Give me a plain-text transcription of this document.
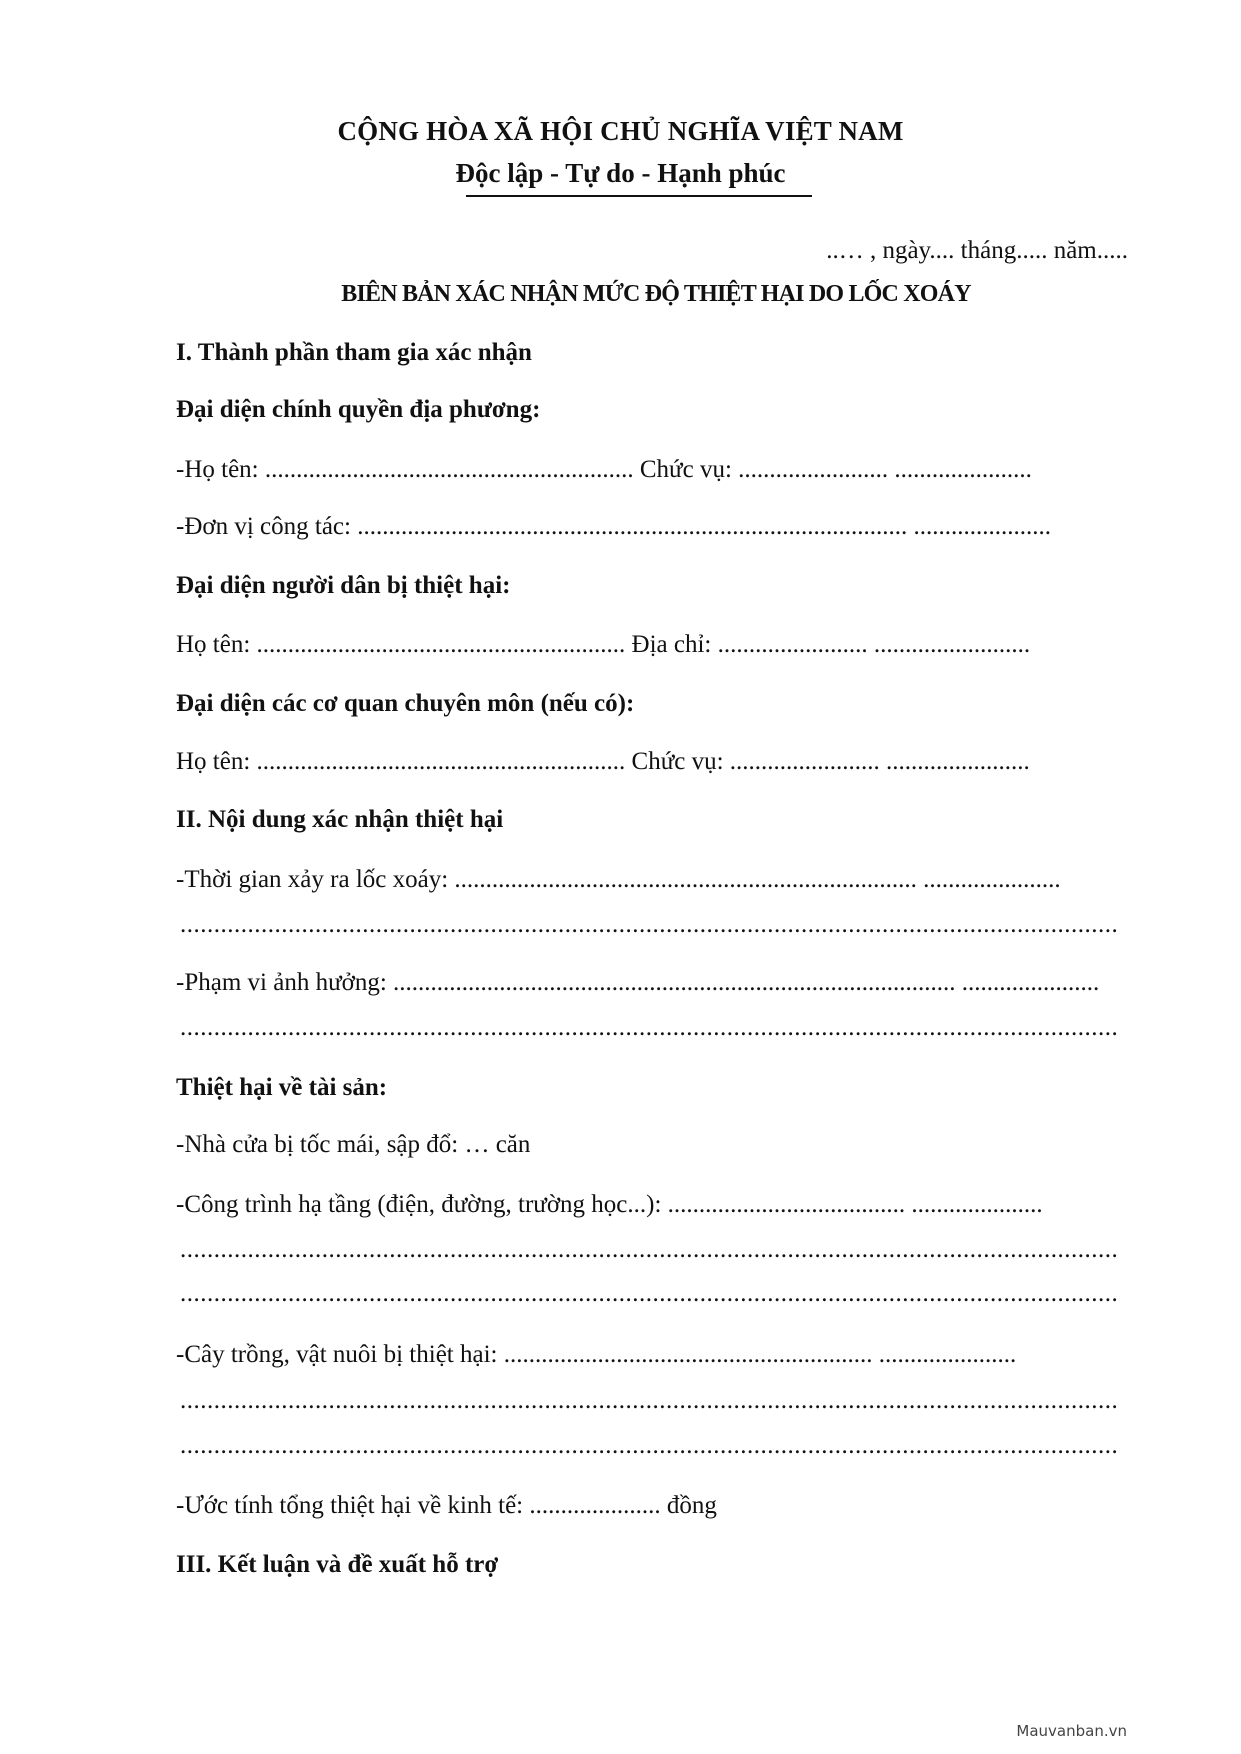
CỘNG HÒA XÃ HỘI CHỦ NGHĨA VIỆT NAM
Độc lập - Tự do - Hạnh phúc
..… , ngày.... tháng..... năm.....
BIÊN BẢN XÁC NHẬN MỨC ĐỘ THIỆT HẠI DO LỐC XOÁY
I. Thành phần tham gia xác nhận
Đại diện chính quyền địa phương:
-Họ tên: ........................................................... Chức vụ: ........................ ......................
-Đơn vị công tác: ........................................................................................ ......................
Đại diện người dân bị thiệt hại:
Họ tên: ........................................................... Địa chỉ: ........................ .........................
Đại diện các cơ quan chuyên môn (nếu có):
Họ tên: ........................................................... Chức vụ: ........................ .......................
II. Nội dung xác nhận thiệt hại
-Thời gian xảy ra lốc xoáy: .......................................................................... ......................
...........................................................................................................................................
-Phạm vi ảnh hưởng: .......................................................................................... ......................
...........................................................................................................................................
Thiệt hại về tài sản:
-Nhà cửa bị tốc mái, sập đổ: … căn
-Công trình hạ tầng (điện, đường, trường học...): ...................................... .....................
...........................................................................................................................................
...........................................................................................................................................
-Cây trồng, vật nuôi bị thiệt hại: ........................................................... ......................
...........................................................................................................................................
...........................................................................................................................................
-Ước tính tổng thiệt hại về kinh tế: ..................... đồng
III. Kết luận và đề xuất hỗ trợ
Mauvanban.vn
